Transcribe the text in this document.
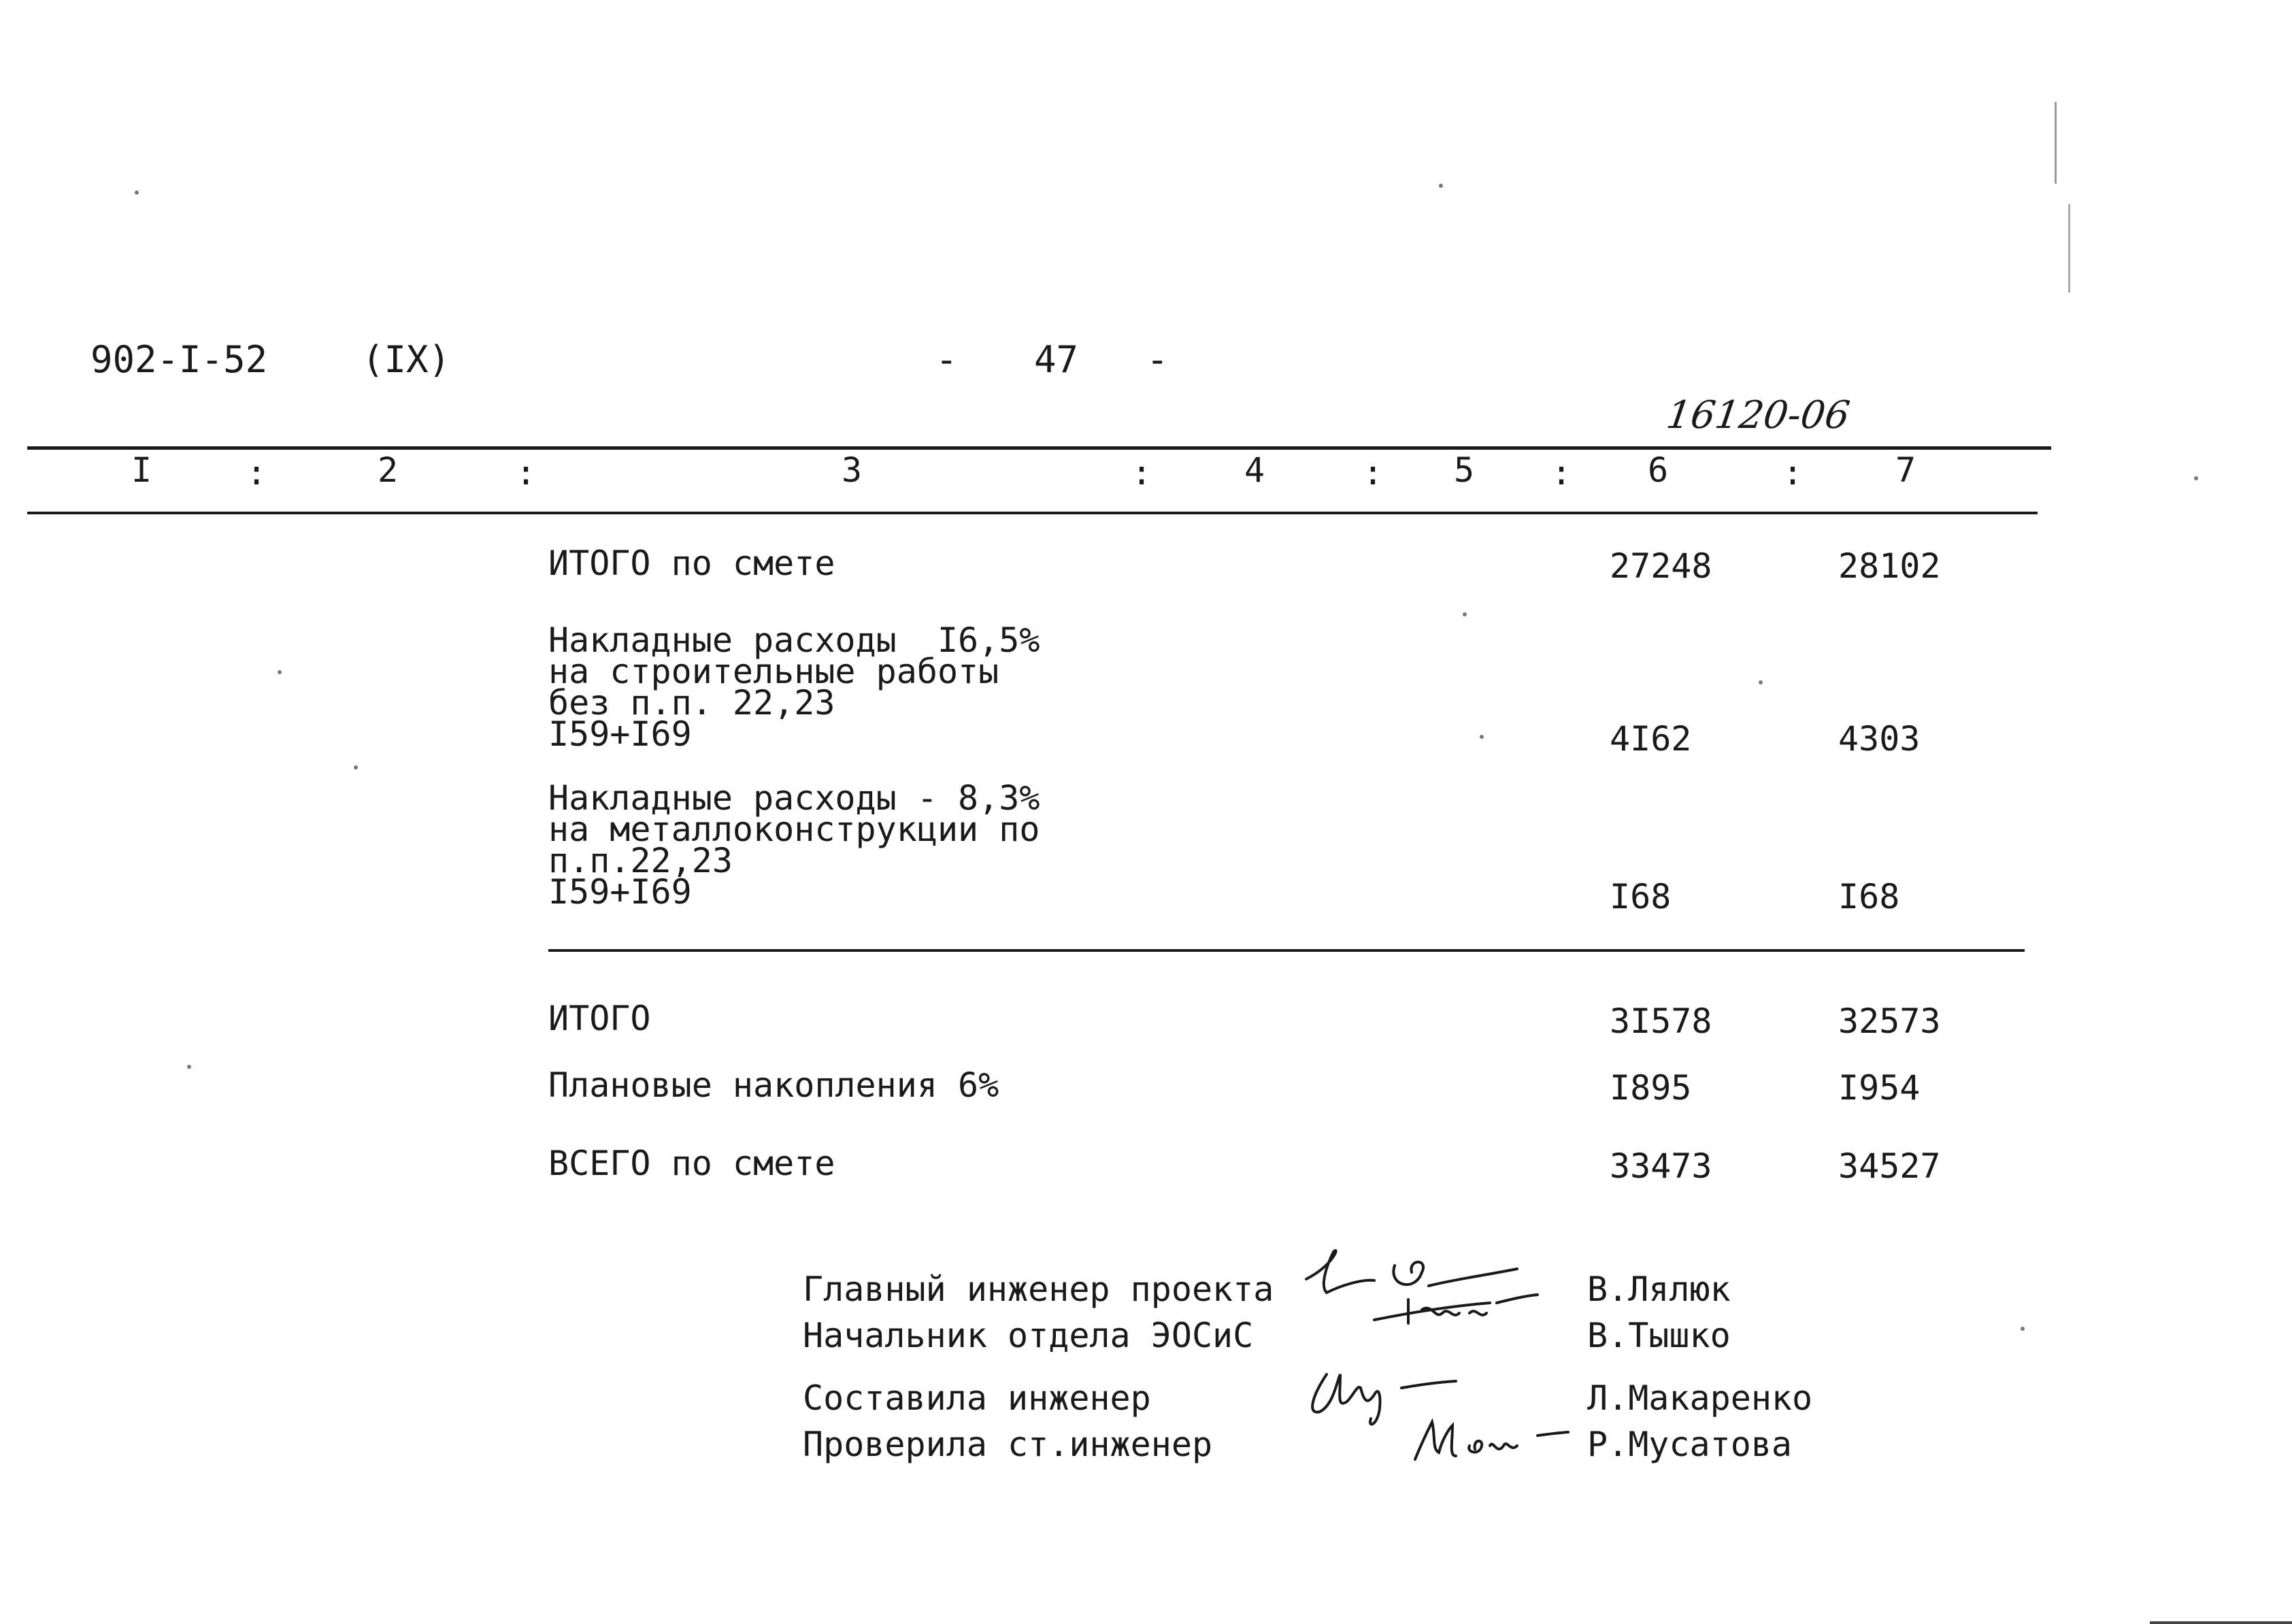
902-I-52	(IX)	- 47 -
16120-06
I	:	2	:	3	:	4	: 5 : 6	:	7
ИТОГО по смете	27248	28102
Накладные расходы  I6,5%
на строительные работы
без п.п. 22,23
I59+I69	4I62	4303
Накладные расходы - 8,3%
на металлоконструкции по
п.п.22,23
I59+I69	I68	I68
ИТОГО	3I578	32573
Плановые накопления 6%	I895	I954
ВСЕГО по смете	33473	34527
Главный инженер проекта	В.Лялюк
Начальник отдела ЭОСиС	В.Тышко
Составила инженер	Л.Макаренко
Проверила ст.инженер	Р.Мусатова
